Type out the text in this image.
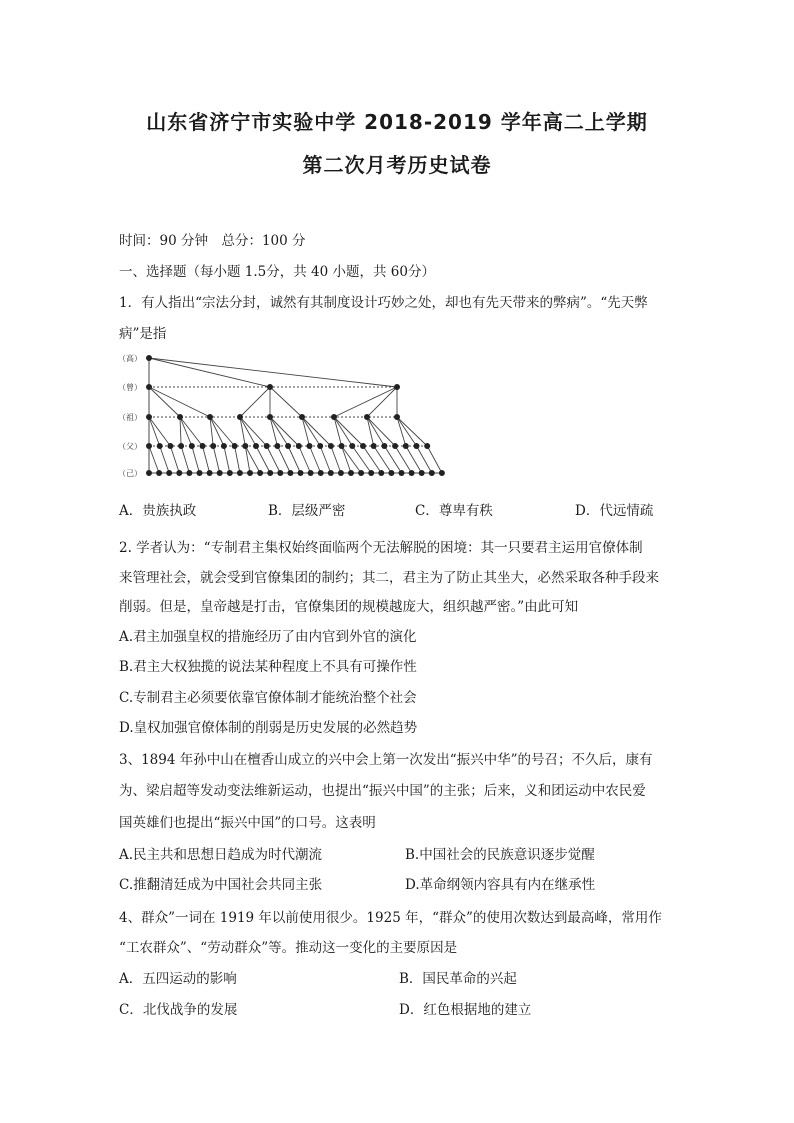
山东省济宁市实验中学 2018-2019 学年高二上学期
第二次月考历史试卷
时间：90 分钟　总分：100 分
一、选择题（每小题 1.5分，共 40 小题，共 60分）
1．有人指出“宗法分封，诚然有其制度设计巧妙之处，却也有先天带来的弊病”。“先天弊
病”是指
（高）
（曾）
（祖）
（父）
（己）
A．贵族执政	B．层级严密	C．尊卑有秩	D．代远情疏
2. 学者认为：“专制君主集权始终面临两个无法解脱的困境：其一只要君主运用官僚体制
来管理社会，就会受到官僚集团的制约；其二，君主为了防止其坐大，必然采取各种手段来
削弱。但是，皇帝越是打击，官僚集团的规模越庞大，组织越严密。”由此可知
A.君主加强皇权的措施经历了由内官到外官的演化
B.君主大权独揽的说法某种程度上不具有可操作性
C.专制君主必须要依靠官僚体制才能统治整个社会
D.皇权加强官僚体制的削弱是历史发展的必然趋势
3、1894 年孙中山在檀香山成立的兴中会上第一次发出“振兴中华”的号召；不久后，康有
为、梁启超等发动变法维新运动，也提出“振兴中国”的主张；后来，义和团运动中农民爱
国英雄们也提出“振兴中国”的口号。这表明
A.民主共和思想日趋成为时代潮流	B.中国社会的民族意识逐步觉醒
C.推翻清廷成为中国社会共同主张	D.革命纲领内容具有内在继承性
4、群众”一词在 1919 年以前使用很少。1925 年，“群众”的使用次数达到最高峰，常用作
“工农群众”、“劳动群众”等。推动这一变化的主要原因是
A．五四运动的影响	B．国民革命的兴起
C．北伐战争的发展	D．红色根据地的建立
